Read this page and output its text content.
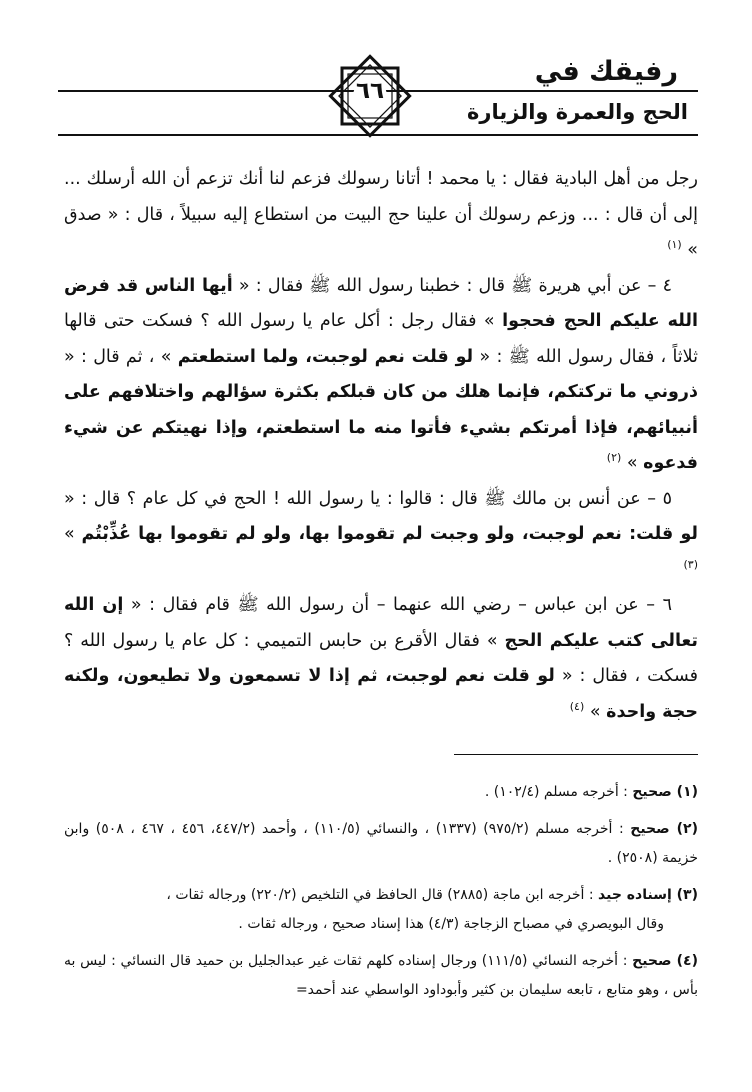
رفيقك في
الحج والعمرة والزيارة
٦٦

رجل من أهل البادية فقال : يا محمد ! أتانا رسولك فزعم لنا أنك تزعم أن الله أرسلك ... إلى أن قال : ... وزعم رسولك أن علينا حج البيت من استطاع إليه سبيلاً ، قال : « صدق » $^{(١)}$

٤ – عن أبي هريرة ﷺ قال : خطبنا رسول الله ﷺ فقال : « أيها الناس قد فرض الله عليكم الحج فحجوا » فقال رجل : أكل عام يا رسول الله ؟ فسكت حتى قالها ثلاثاً ، فقال رسول الله ﷺ : « لو قلت نعم لوجبت، ولما استطعتم » ، ثم قال : « ذروني ما تركتكم، فإنما هلك من كان قبلكم بكثرة سؤالهم واختلافهم على أنبيائهم، فإذا أمرتكم بشيء فأتوا منه ما استطعتم، وإذا نهيتكم عن شيء فدعوه » $^{(٢)}$

٥ – عن أنس بن مالك ﷺ قال : قالوا : يا رسول الله ! الحج في كل عام ؟ قال : « لو قلت: نعم لوجبت، ولو وجبت لم تقوموا بها، ولو لم تقوموا بها عُذِّبْتُم » $^{(٣)}$

٦ – عن ابن عباس – رضي الله عنهما – أن رسول الله ﷺ قام فقال : « إن الله تعالى كتب عليكم الحج » فقال الأقرع بن حابس التميمي : كل عام يا رسول الله ؟ فسكت ، فقال : « لو قلت نعم لوجبت، ثم إذا لا تسمعون ولا تطيعون، ولكنه حجة واحدة » $^{(٤)}$

(١) صحيح : أخرجه مسلم (١٠٢/٤) .

(٢) صحيح : أخرجه مسلم (٩٧٥/٢) (١٣٣٧) ، والنسائي (١١٠/٥) ، وأحمد (٤٤٧/٢، ٤٥٦ ، ٤٦٧ ، ٥٠٨) وابن خزيمة (٢٥٠٨) .

(٣) إسناده جيد : أخرجه ابن ماجة (٢٨٨٥) قال الحافظ في التلخيص (٢٢٠/٢) ورجاله ثقات ،

وقال البويصري في مصباح الزجاجة (٤/٣) هذا إسناد صحيح ، ورجاله ثقات .

(٤) صحيح : أخرجه النسائي (١١١/٥) ورجال إسناده كلهم ثقات غير عبدالجليل بن حميد قال النسائي : ليس به بأس ، وهو متابع ، تابعه سليمان بن كثير وأبوداود الواسطي عند أحمد=
